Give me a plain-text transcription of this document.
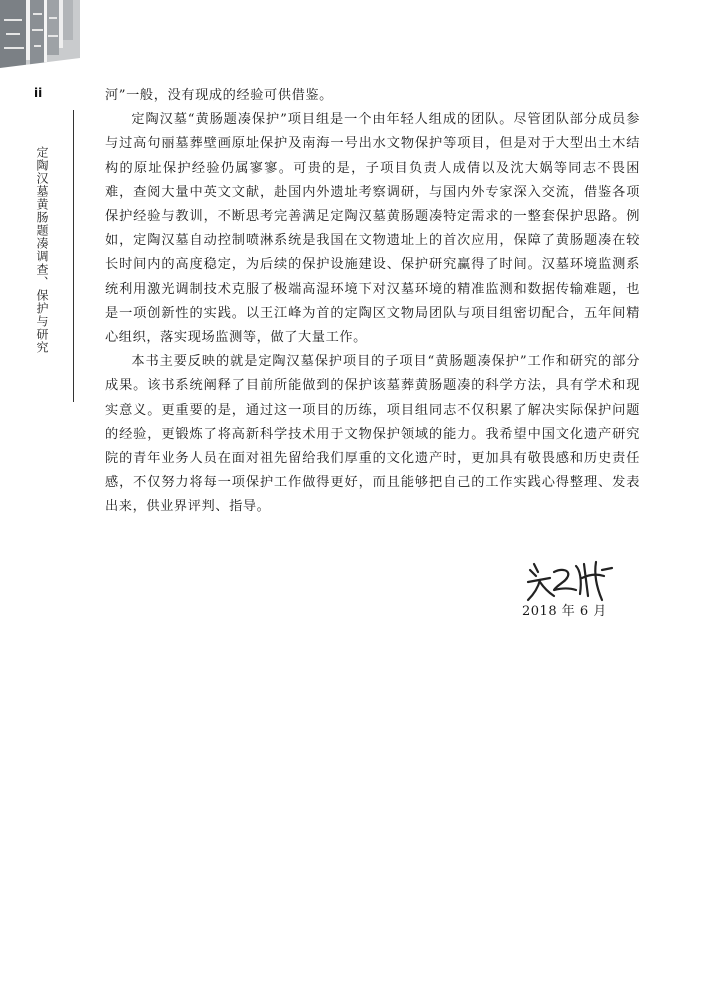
ii
定陶汉墓黄肠题凑调查、保护与研究

河”一般，没有现成的经验可供借鉴。

定陶汉墓“黄肠题凑保护”项目组是一个由年轻人组成的团队。尽管团队部分成员参与过高句丽墓葬壁画原址保护及南海一号出水文物保护等项目，但是对于大型出土木结构的原址保护经验仍属寥寥。可贵的是，子项目负责人成倩以及沈大娲等同志不畏困难，查阅大量中英文文献，赴国内外遗址考察调研，与国内外专家深入交流，借鉴各项保护经验与教训，不断思考完善满足定陶汉墓黄肠题凑特定需求的一整套保护思路。例如，定陶汉墓自动控制喷淋系统是我国在文物遗址上的首次应用，保障了黄肠题凑在较长时间内的高度稳定，为后续的保护设施建设、保护研究赢得了时间。汉墓环境监测系统利用激光调制技术克服了极端高湿环境下对汉墓环境的精准监测和数据传输难题，也是一项创新性的实践。以王江峰为首的定陶区文物局团队与项目组密切配合，五年间精心组织，落实现场监测等，做了大量工作。

本书主要反映的就是定陶汉墓保护项目的子项目“黄肠题凑保护”工作和研究的部分成果。该书系统阐释了目前所能做到的保护该墓葬黄肠题凑的科学方法，具有学术和现实意义。更重要的是，通过这一项目的历练，项目组同志不仅积累了解决实际保护问题的经验，更锻炼了将高新科学技术用于文物保护领域的能力。我希望中国文化遗产研究院的青年业务人员在面对祖先留给我们厚重的文化遗产时，更加具有敬畏感和历史责任感，不仅努力将每一项保护工作做得更好，而且能够把自己的工作实践心得整理、发表出来，供业界评判、指导。

2018 年 6 月
